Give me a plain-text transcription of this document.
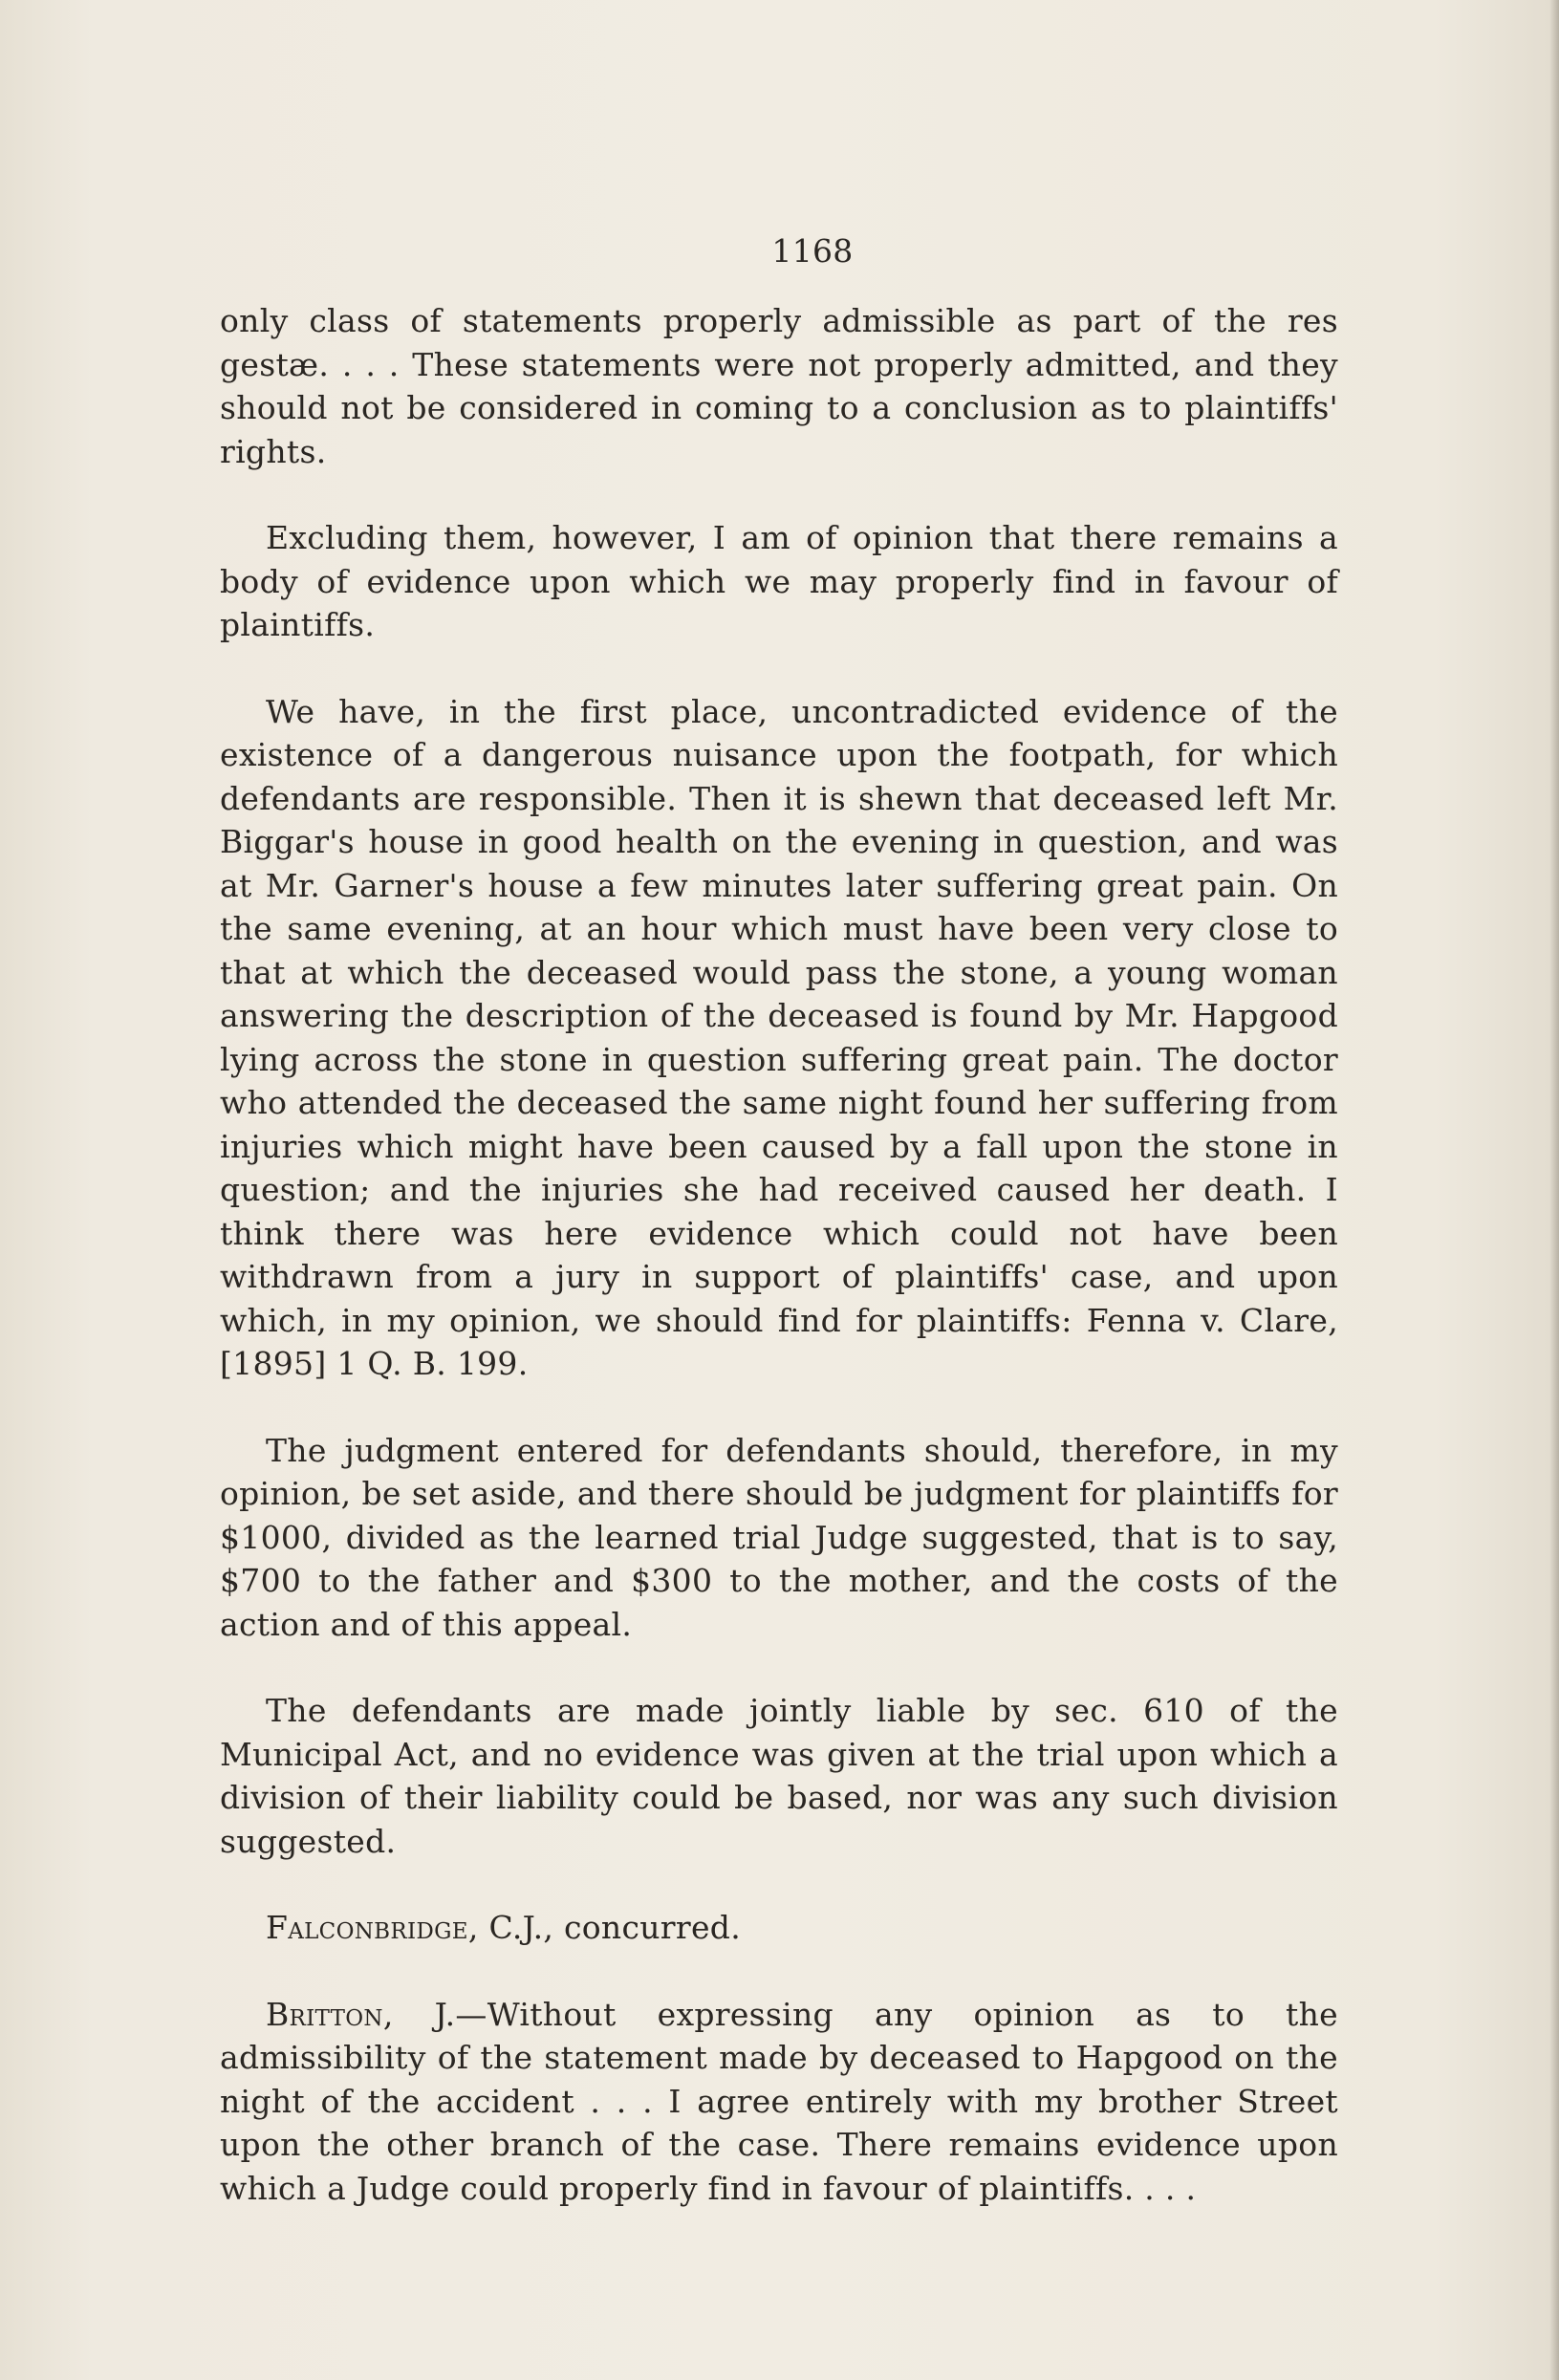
1168

only class of statements properly admissible as part of the res gestæ. . . . These statements were not properly admitted, and they should not be considered in coming to a conclusion as to plaintiffs' rights.

Excluding them, however, I am of opinion that there remains a body of evidence upon which we may properly find in favour of plaintiffs.

We have, in the first place, uncontradicted evidence of the existence of a dangerous nuisance upon the footpath, for which defendants are responsible. Then it is shewn that deceased left Mr. Biggar's house in good health on the evening in question, and was at Mr. Garner's house a few minutes later suffering great pain. On the same evening, at an hour which must have been very close to that at which the deceased would pass the stone, a young woman answering the description of the deceased is found by Mr. Hapgood lying across the stone in question suffering great pain. The doctor who attended the deceased the same night found her suffering from injuries which might have been caused by a fall upon the stone in question; and the injuries she had received caused her death. I think there was here evidence which could not have been withdrawn from a jury in support of plaintiffs' case, and upon which, in my opinion, we should find for plaintiffs: Fenna v. Clare, [1895] 1 Q. B. 199.

The judgment entered for defendants should, therefore, in my opinion, be set aside, and there should be judgment for plaintiffs for $1000, divided as the learned trial Judge suggested, that is to say, $700 to the father and $300 to the mother, and the costs of the action and of this appeal.

The defendants are made jointly liable by sec. 610 of the Municipal Act, and no evidence was given at the trial upon which a division of their liability could be based, nor was any such division suggested.

Falconbridge, C.J., concurred.

Britton, J.—Without expressing any opinion as to the admissibility of the statement made by deceased to Hapgood on the night of the accident . . . I agree entirely with my brother Street upon the other branch of the case. There remains evidence upon which a Judge could properly find in favour of plaintiffs. . . .
